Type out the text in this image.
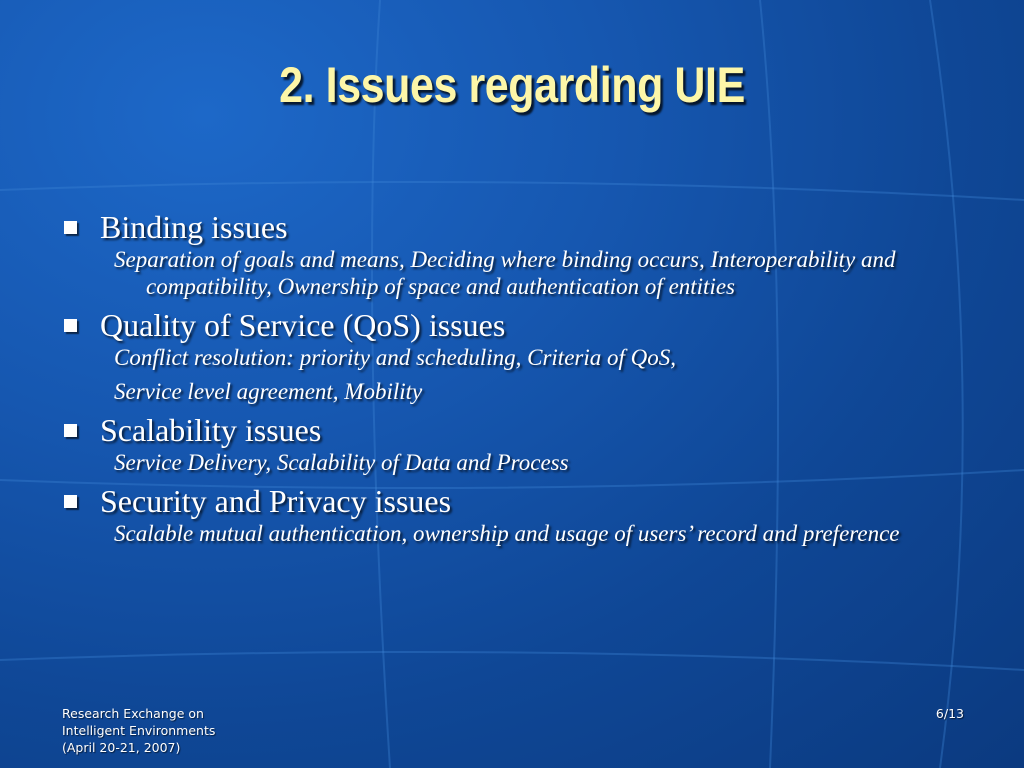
2. Issues regarding UIE
Binding issues
Separation of goals and means, Deciding where binding occurs, Interoperability and compatibility, Ownership of space and authentication of entities
Quality of Service (QoS) issues
Conflict resolution: priority and scheduling, Criteria of QoS,
Service level agreement, Mobility
Scalability issues
Service Delivery, Scalability of Data and Process
Security and Privacy issues
Scalable mutual authentication, ownership and usage of users’ record and preference
Research Exchange on
Intelligent Environments
(April 20-21, 2007)
6/13
